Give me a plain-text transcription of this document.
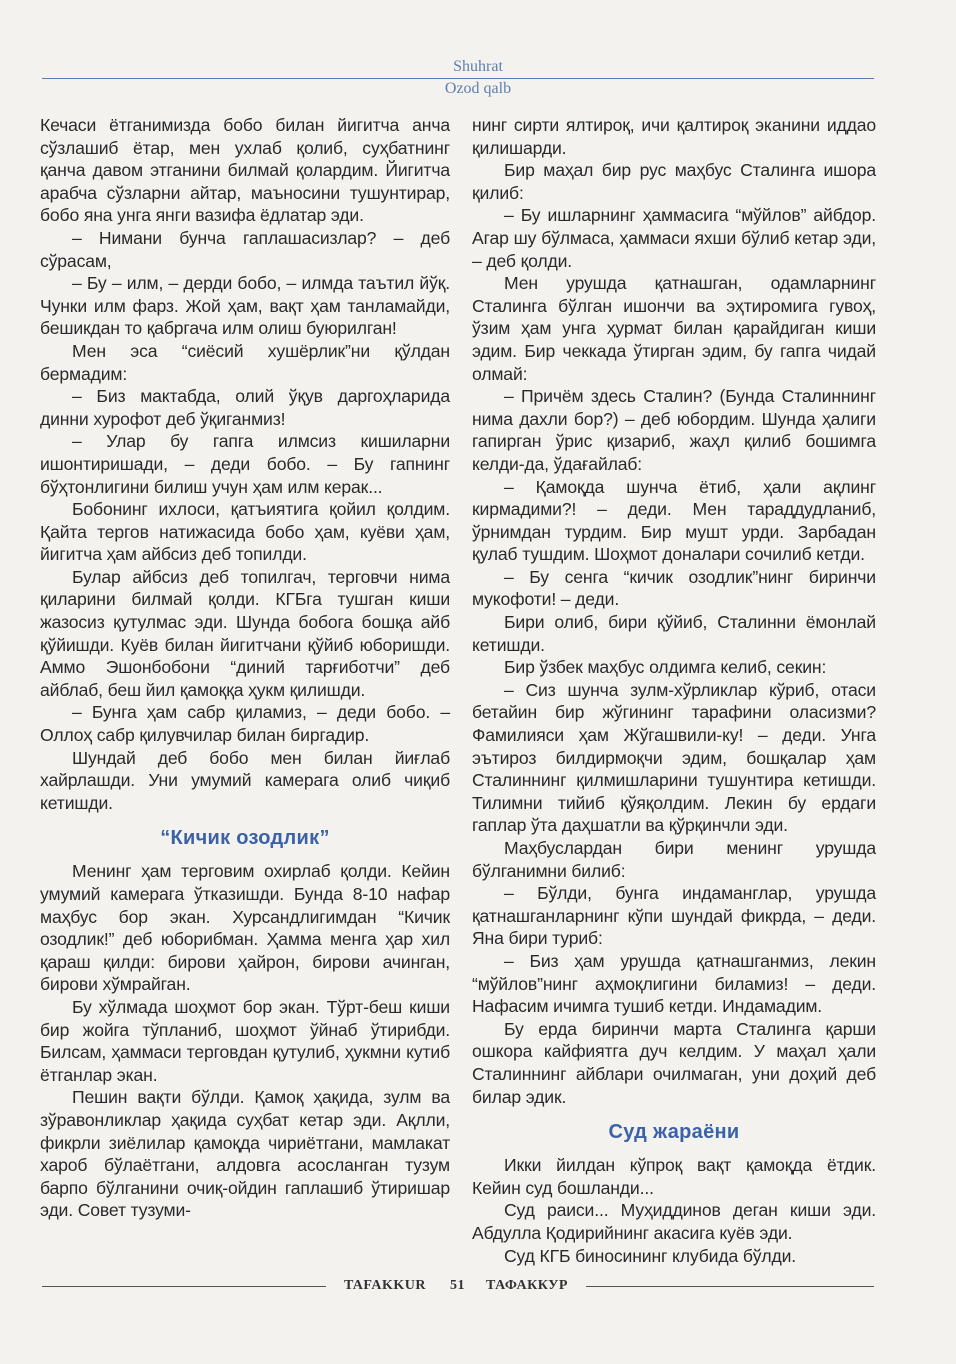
Shuhrat
Ozod qalb

Кечаси ётганимизда бобо билан йигитча анча сўзлашиб ётар, мен ухлаб қолиб, суҳбатнинг қанча давом этганини билмай қолардим. Йигитча арабча сўзларни айтар, маъносини тушунтирар, бобо яна унга янги вазифа ёдлатар эди.

– Нимани бунча гаплашасизлар? – деб сўрасам,

– Бу – илм, – дерди бобо, – илмда таътил йўқ. Чунки илм фарз. Жой ҳам, вақт ҳам танламайди, бешикдан то қабргача илм олиш буюрилган!

Мен эса “сиёсий хушёрлик”ни қўлдан бермадим:

– Биз мактабда, олий ўқув даргоҳларида динни хурофот деб ўқиганмиз!

– Улар бу гапга илмсиз кишиларни ишонтиришади, – деди бобо. – Бу гапнинг бўҳтонлигини билиш учун ҳам илм керак...

Бобонинг ихлоси, қатъиятига қойил қолдим. Қайта тергов натижасида бобо ҳам, куёви ҳам, йигитча ҳам айбсиз деб топилди.

Булар айбсиз деб топилгач, терговчи нима қиларини билмай қолди. КГБга тушган киши жазосиз қутулмас эди. Шунда бобога бошқа айб қўйишди. Куёв билан йигитчани қўйиб юборишди. Аммо Эшонбобони “диний тарғиботчи” деб айблаб, беш йил қамоққа ҳукм қилишди.

– Бунга ҳам сабр қиламиз, – деди бобо. – Оллоҳ сабр қилувчилар билан биргадир.

Шундай деб бобо мен билан йиғлаб хайрлашди. Уни умумий камерага олиб чиқиб кетишди.

“Кичик озодлик”

Менинг ҳам терговим охирлаб қолди. Кейин умумий камерага ўтказишди. Бунда 8-10 нафар маҳбус бор экан. Хурсандлигимдан “Кичик озодлик!” деб юборибман. Ҳамма менга ҳар хил қараш қилди: бирови ҳайрон, бирови ачинган, бирови хўмрайган.

Бу хўлмада шоҳмот бор экан. Тўрт-беш киши бир жойга тўпланиб, шоҳмот ўйнаб ўтирибди. Билсам, ҳаммаси терговдан қутулиб, ҳукмни кутиб ётганлар экан.

Пешин вақти бўлди. Қамоқ ҳақида, зулм ва зўравонликлар ҳақида суҳбат кетар эди. Ақлли, фикрли зиёлилар қамоқда чириётгани, мамлакат хароб бўлаётгани, алдовга асосланган тузум барпо бўлганини очиқ-ойдин гаплашиб ўтиришар эди. Совет тузуми-

нинг сирти ялтироқ, ичи қалтироқ эканини иддао қилишарди.

Бир маҳал бир рус маҳбус Сталинга ишора қилиб:

– Бу ишларнинг ҳаммасига “мўйлов” айбдор. Агар шу бўлмаса, ҳаммаси яхши бўлиб кетар эди, – деб қолди.

Мен урушда қатнашган, одамларнинг Сталинга бўлган ишончи ва эҳтиромига гувоҳ, ўзим ҳам унга ҳурмат билан қарайдиган киши эдим. Бир чеккада ўтирган эдим, бу гапга чидай олмай:

– Причём здесь Сталин? (Бунда Сталиннинг нима дахли бор?) – деб юбордим. Шунда ҳалиги гапирган ўрис қизариб, жаҳл қилиб бошимга келди-да, ўдағайлаб:

– Қамоқда шунча ётиб, ҳали ақлинг кирмадими?! – деди. Мен тараддудланиб, ўрнимдан турдим. Бир мушт урди. Зарбадан қулаб тушдим. Шоҳмот доналари сочилиб кетди.

– Бу сенга “кичик озодлик”нинг биринчи мукофоти! – деди.

Бири олиб, бири қўйиб, Сталинни ёмонлай кетишди.

Бир ўзбек маҳбус олдимга келиб, секин:

– Сиз шунча зулм-хўрликлар кўриб, отаси бетайин бир жўгининг тарафини оласизми? Фамилияси ҳам Жўгашвили-ку! – деди. Унга эътироз билдирмоқчи эдим, бошқалар ҳам Сталиннинг қилмишларини тушунтира кетишди. Тилимни тийиб қўяқолдим. Лекин бу ердаги гаплар ўта даҳшатли ва қўрқинчли эди.

Маҳбуслардан бири менинг урушда бўлганимни билиб:

– Бўлди, бунга индаманглар, урушда қатнашганларнинг кўпи шундай фикрда, – деди. Яна бири туриб:

– Биз ҳам урушда қатнашганмиз, лекин “мўйлов”нинг аҳмоқлигини биламиз! – деди. Нафасим ичимга тушиб кетди. Индамадим.

Бу ерда биринчи марта Сталинга қарши ошкора кайфиятга дуч келдим. У маҳал ҳали Сталиннинг айблари очилмаган, уни доҳий деб билар эдик.

Суд жараёни

Икки йилдан кўпроқ вақт қамоқда ётдик. Кейин суд бошланди...

Суд раиси... Муҳиддинов деган киши эди. Абдулла Қодирийнинг акасига куёв эди.

Суд КГБ биносининг клубида бўлди.

TAFAKKUR 51 ТАФАККУР
